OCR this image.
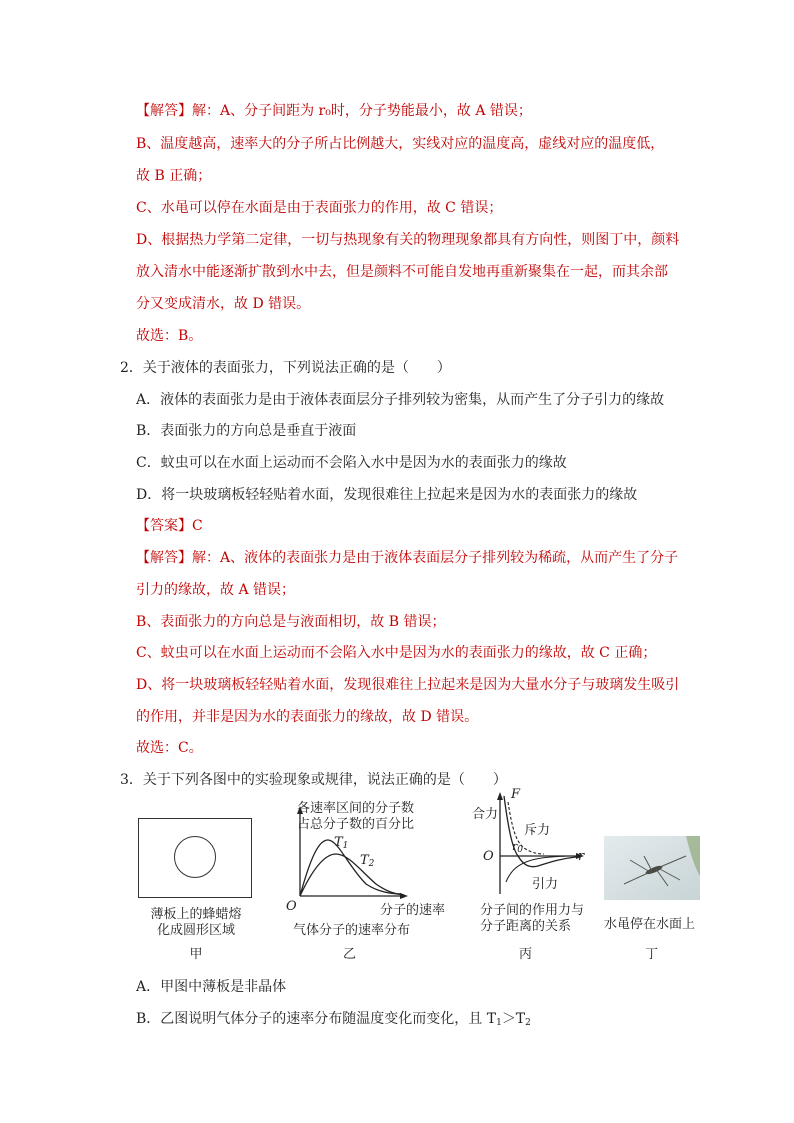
【解答】解：A、分子间距为 r₀时，分子势能最小，故 A 错误；
B、温度越高，速率大的分子所占比例越大，实线对应的温度高，虚线对应的温度低，
故 B 正确；
C、水黾可以停在水面是由于表面张力的作用，故 C 错误；
D、根据热力学第二定律，一切与热现象有关的物理现象都具有方向性，则图丁中，颜料
放入清水中能逐渐扩散到水中去，但是颜料不可能自发地再重新聚集在一起，而其余部
分又变成清水，故 D 错误。
故选：B。
2．关于液体的表面张力，下列说法正确的是（　　）
A．液体的表面张力是由于液体表面层分子排列较为密集，从而产生了分子引力的缘故
B．表面张力的方向总是垂直于液面
C．蚊虫可以在水面上运动而不会陷入水中是因为水的表面张力的缘故
D．将一块玻璃板轻轻贴着水面，发现很难往上拉起来是因为水的表面张力的缘故
【答案】C
【解答】解：A、液体的表面张力是由于液体表面层分子排列较为稀疏，从而产生了分子
引力的缘故，故 A 错误；
B、表面张力的方向总是与液面相切，故 B 错误；
C、蚊虫可以在水面上运动而不会陷入水中是因为水的表面张力的缘故，故 C 正确；
D、将一块玻璃板轻轻贴着水面，发现很难往上拉起来是因为大量水分子与玻璃发生吸引
的作用，并非是因为水的表面张力的缘故，故 D 错误。
故选：C。
3．关于下列各图中的实验现象或规律，说法正确的是（　　）
薄板上的蜂蜡熔
化成圆形区域
甲
各速率区间的分子数
占总分子数的百分比
$T_1$
$T_2$
O	分子的速率
气体分子的速率分布
乙
F
合力
斥力
$r_0$
O	r
引力
分子间的作用力与
分子距离的关系
丙
水黾停在水面上
丁
A．甲图中薄板是非晶体
B．乙图说明气体分子的速率分布随温度变化而变化，且 $T_1>T_2$
